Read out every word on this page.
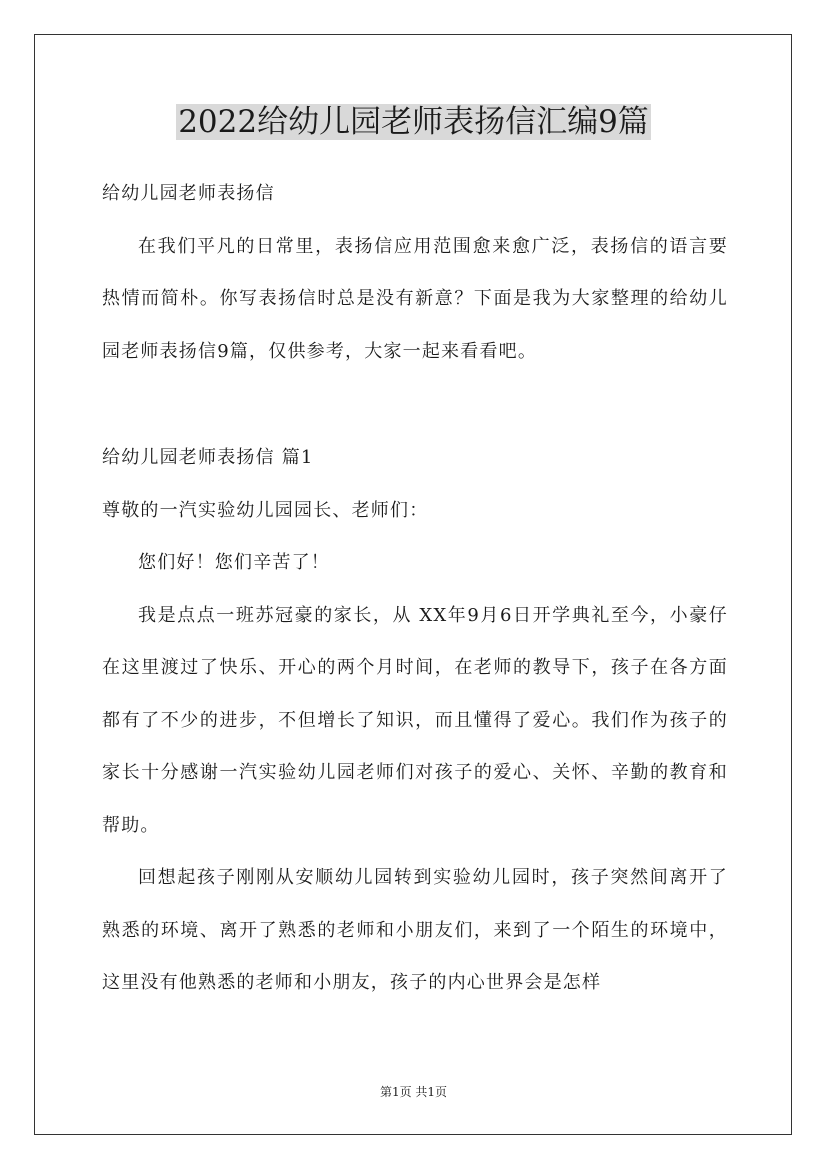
2022给幼儿园老师表扬信汇编9篇

给幼儿园老师表扬信

在我们平凡的日常里，表扬信应用范围愈来愈广泛，表扬信的语言要热情而简朴。你写表扬信时总是没有新意？下面是我为大家整理的给幼儿园老师表扬信9篇，仅供参考，大家一起来看看吧。

给幼儿园老师表扬信 篇1

尊敬的一汽实验幼儿园园长、老师们：

您们好！您们辛苦了！

我是点点一班苏冠豪的家长，从 XX年9月6日开学典礼至今，小豪仔在这里渡过了快乐、开心的两个月时间，在老师的教导下，孩子在各方面都有了不少的进步，不但增长了知识，而且懂得了爱心。我们作为孩子的家长十分感谢一汽实验幼儿园老师们对孩子的爱心、关怀、辛勤的教育和帮助。

回想起孩子刚刚从安顺幼儿园转到实验幼儿园时，孩子突然间离开了熟悉的环境、离开了熟悉的老师和小朋友们，来到了一个陌生的环境中，这里没有他熟悉的老师和小朋友，孩子的内心世界会是怎样

第1页 共1页
